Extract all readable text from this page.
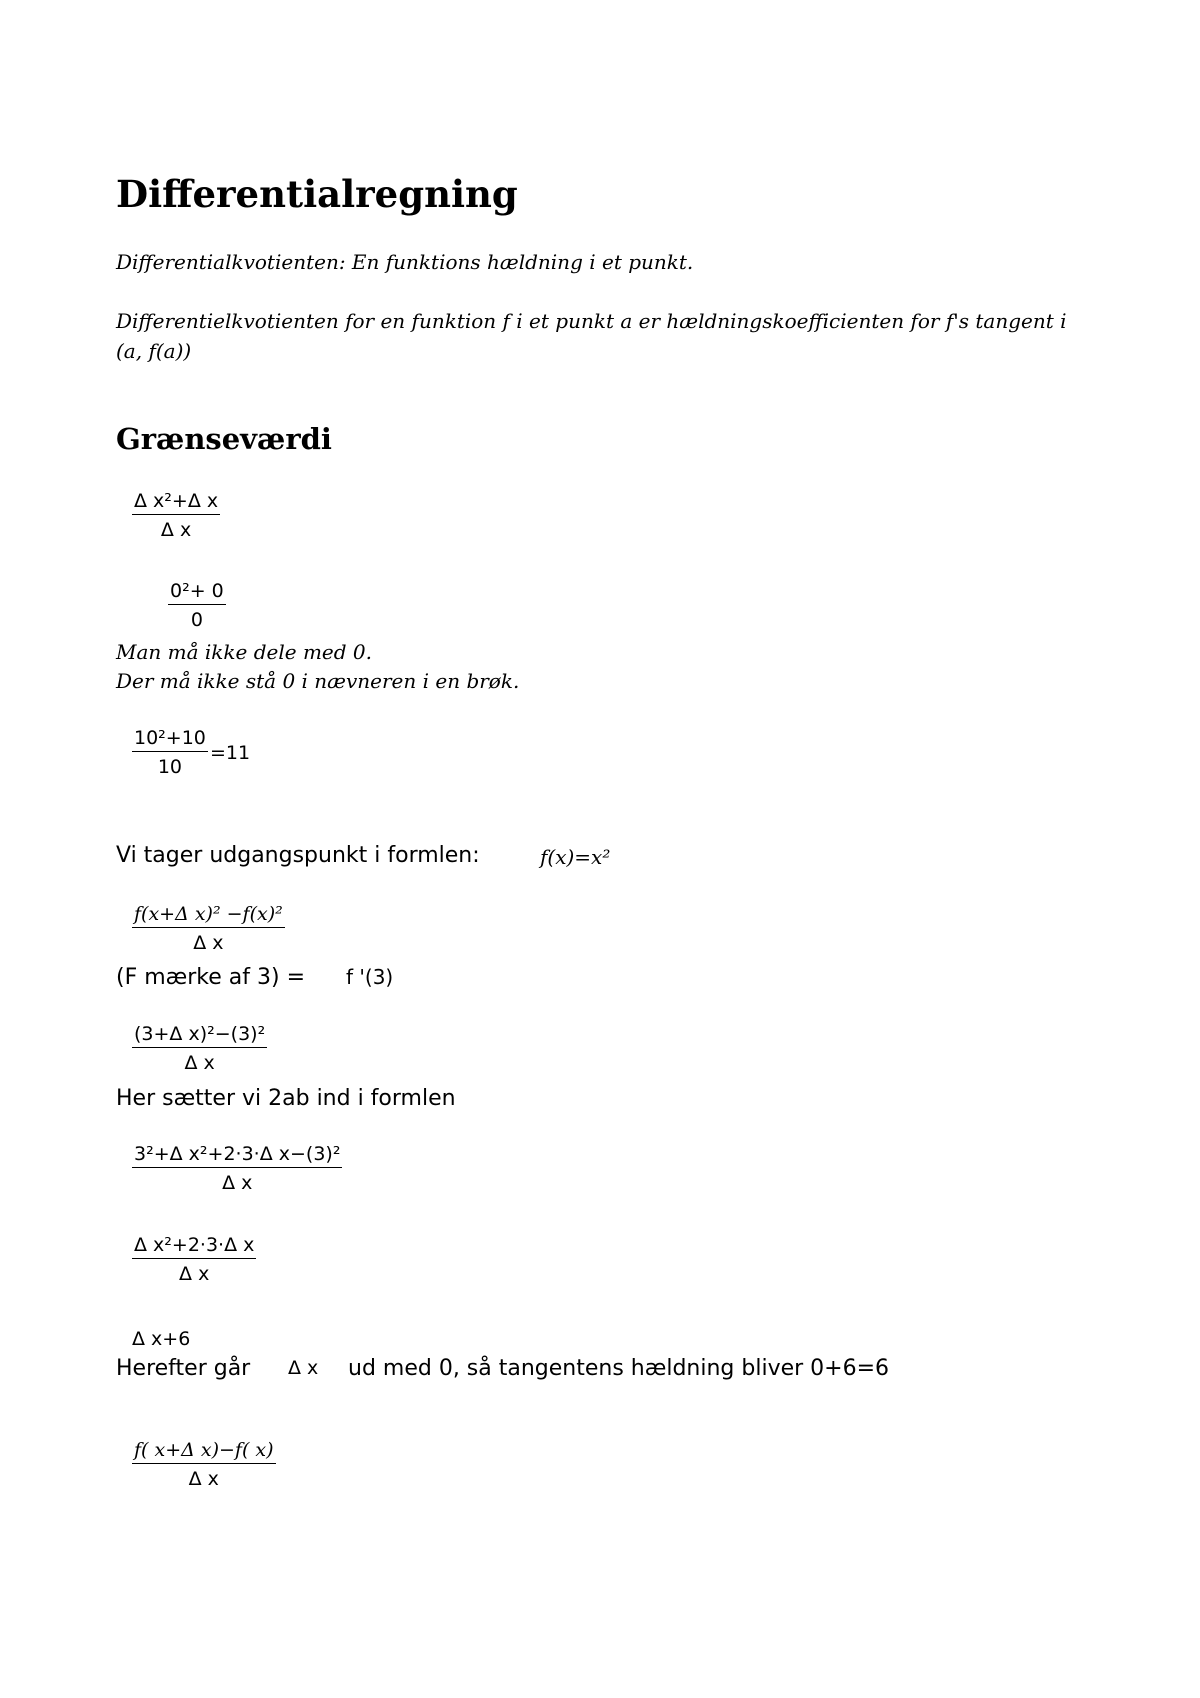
Differentialregning
Differentialkvotienten: En funktions hældning i et punkt.
Differentielkvotienten for en funktion f i et punkt a er hældningskoefficienten for f's tangent i (a, f(a))
Grænseværdi
$\frac{\text{Δ x²+Δ x}}{\text{Δ x}}$
$\frac{\text{0²+ 0}}{0}$
Man må ikke dele med 0.
Der må ikke stå 0 i nævneren i en brøk.
$\frac{\text{10²+10}}{10} =11$
Vi tager udgangspunkt i formlen:	f(x)=x²
$\frac{\text{f(x+Δ x)² −f(x)²}}{\text{Δ x}}$
(F mærke af 3) = f '(3)
$\frac{\text{(3+Δ x)²−(3)²}}{\text{Δ x}}$
Her sætter vi 2ab ind i formlen
$\frac{\text{3²+Δ x²+2·3·Δ x−(3)²}}{\text{Δ x}}$
$\frac{\text{Δ x²+2·3·Δ x}}{\text{Δ x}}$
Δ x+6
Herefter går Δ x ud med 0, så tangentens hældning bliver 0+6=6
$\frac{\text{f( x+Δ x)−f( x)}}{\text{Δ x}}$
